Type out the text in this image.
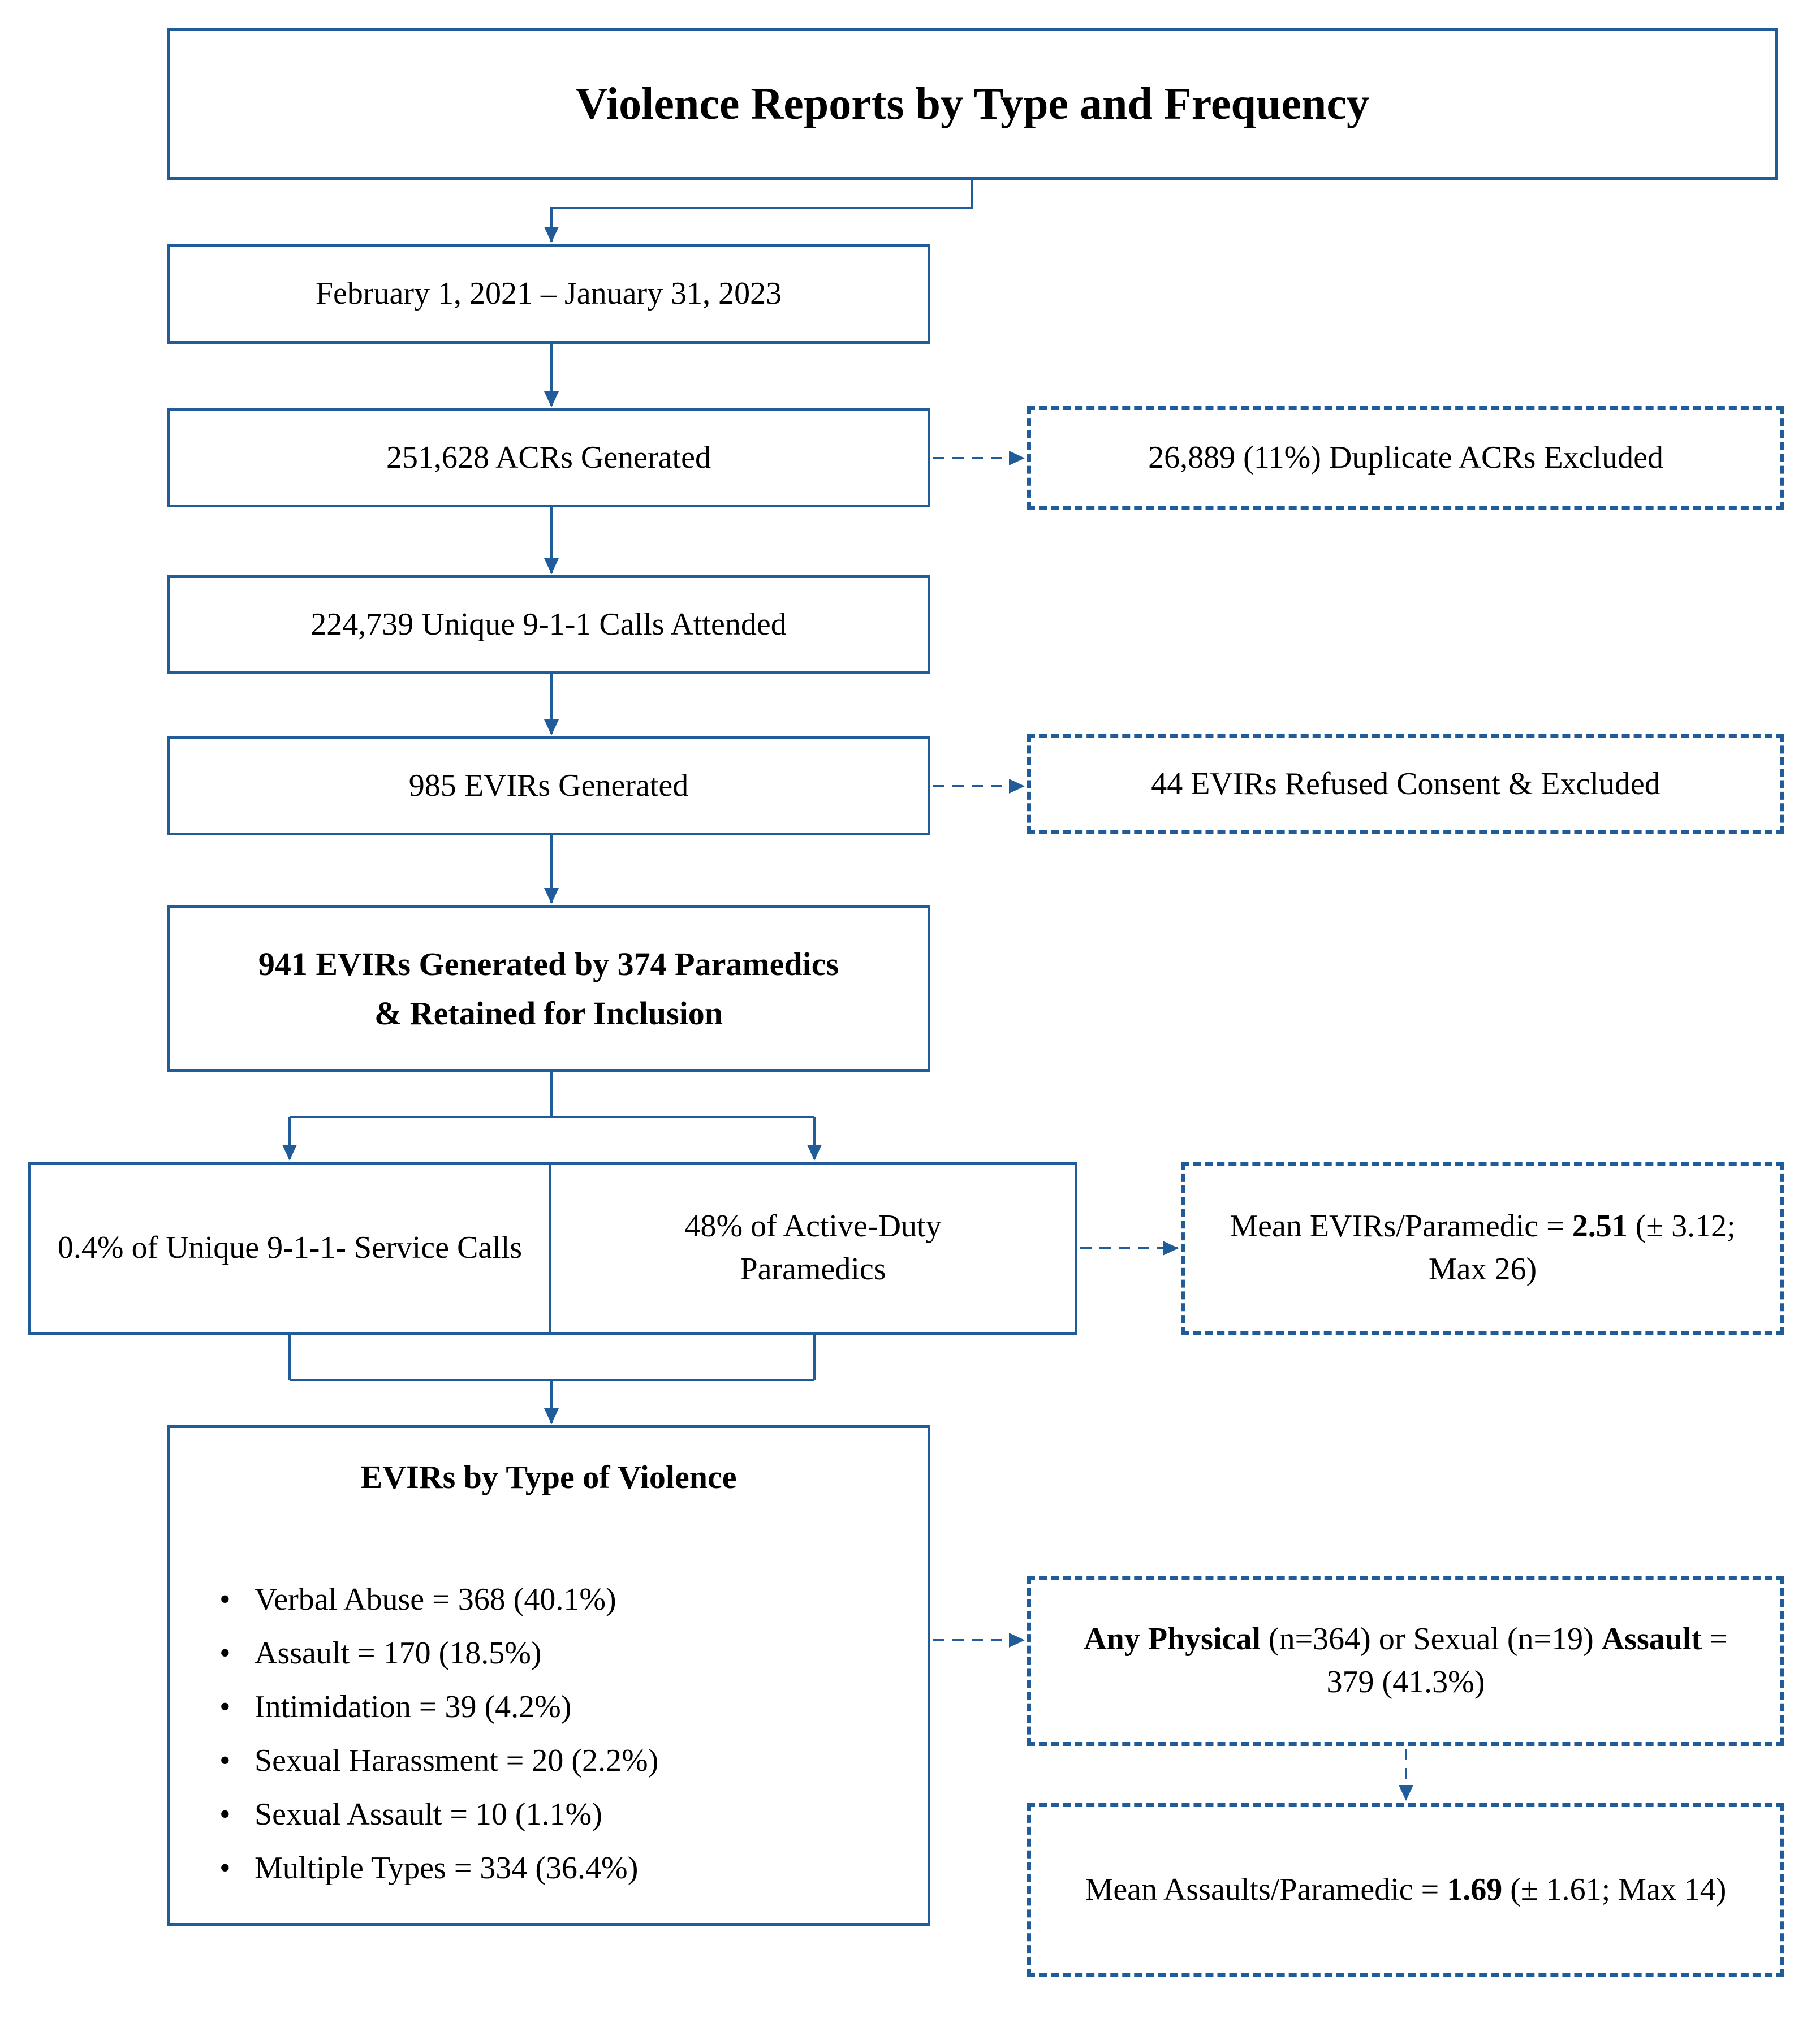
Violence Reports by Type and Frequency
February 1, 2021 – January 31, 2023
251,628 ACRs Generated	26,889 (11%) Duplicate ACRs Excluded
224,739 Unique 9-1-1 Calls Attended
985 EVIRs Generated	44 EVIRs Refused Consent & Excluded
941 EVIRs Generated by 374 Paramedics
& Retained for Inclusion
0.4% of Unique 9-1-1- Service Calls
48% of Active-Duty Paramedics
Mean EVIRs/Paramedic = 2.51 (± 3.12; Max 26)
EVIRs by Type of Violence
• Verbal Abuse = 368 (40.1%)
• Assault = 170 (18.5%)
• Intimidation = 39 (4.2%)
• Sexual Harassment = 20 (2.2%)
• Sexual Assault = 10 (1.1%)
• Multiple Types = 334 (36.4%)
Any Physical (n=364) or Sexual (n=19) Assault = 379 (41.3%)
Mean Assaults/Paramedic = 1.69 (± 1.61; Max 14)
